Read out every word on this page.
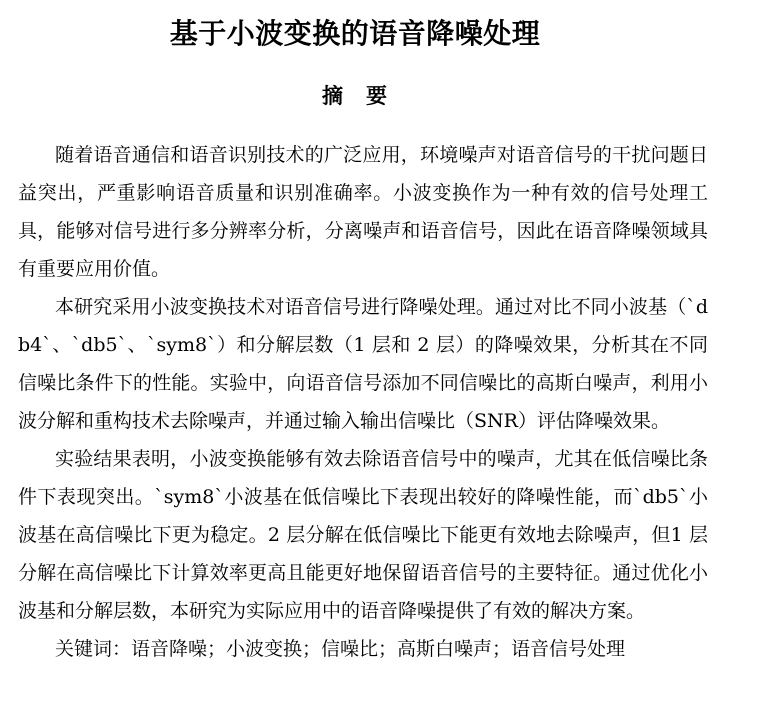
基于小波变换的语音降噪处理
摘　要

随着语音通信和语音识别技术的广泛应用，环境噪声对语音信号的干扰问题日益突出，严重影响语音质量和识别准确率。小波变换作为一种有效的信号处理工具，能够对信号进行多分辨率分析，分离噪声和语音信号，因此在语音降噪领域具有重要应用价值。

本研究采用小波变换技术对语音信号进行降噪处理。通过对比不同小波基（`db4`、`db5`、`sym8`）和分解层数（1 层和 2 层）的降噪效果，分析其在不同信噪比条件下的性能。实验中，向语音信号添加不同信噪比的高斯白噪声，利用小波分解和重构技术去除噪声，并通过输入输出信噪比（SNR）评估降噪效果。

实验结果表明，小波变换能够有效去除语音信号中的噪声，尤其在低信噪比条件下表现突出。`sym8`小波基在低信噪比下表现出较好的降噪性能，而`db5`小波基在高信噪比下更为稳定。2 层分解在低信噪比下能更有效地去除噪声，但1 层分解在高信噪比下计算效率更高且能更好地保留语音信号的主要特征。通过优化小波基和分解层数，本研究为实际应用中的语音降噪提供了有效的解决方案。

关键词：语音降噪；小波变换；信噪比；高斯白噪声；语音信号处理
